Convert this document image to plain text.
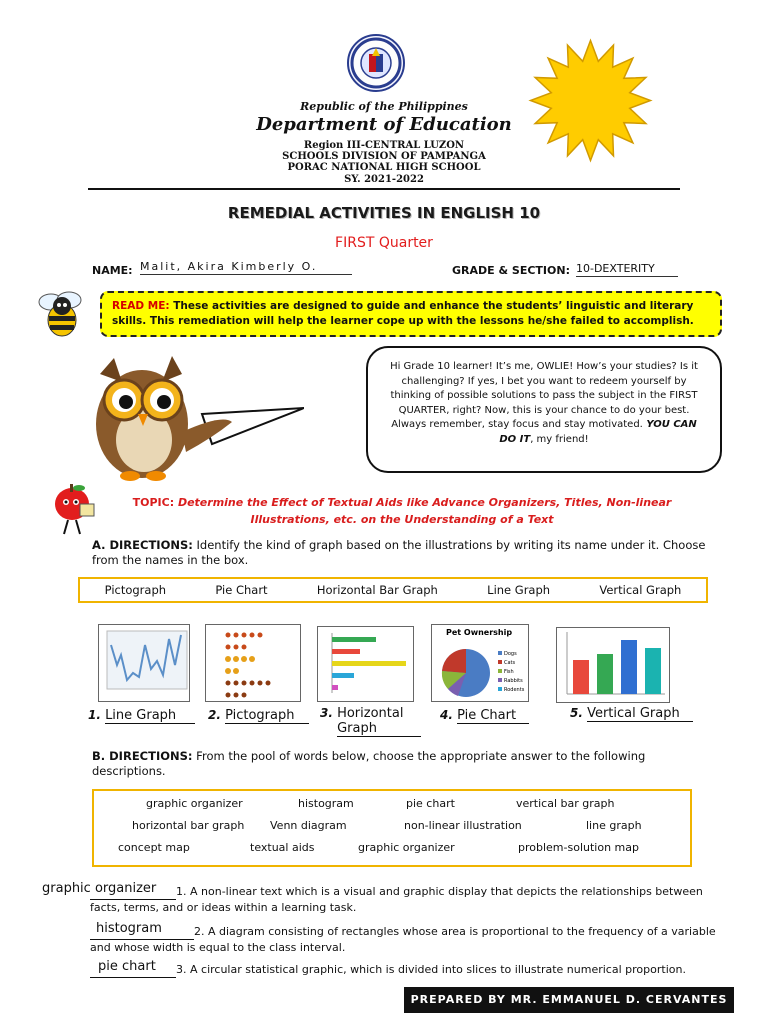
Republic of the Philippines
Department of Education
Region III-CENTRAL LUZON
SCHOOLS DIVISION OF PAMPANGA
PORAC NATIONAL HIGH SCHOOL
SY. 2021-2022
REMEDIAL ACTIVITIES IN ENGLISH 10
FIRST Quarter
NAME: Malit, Akira Kimberly O.	GRADE & SECTION: 10-DEXTERITY
READ ME: These activities are designed to guide and enhance the students’ linguistic and literary skills. This remediation will help the learner cope up with the lessons he/she failed to accomplish.
Hi Grade 10 learner! It’s me, OWLIE! How’s your studies? Is it challenging? If yes, I bet you want to redeem yourself by thinking of possible solutions to pass the subject in the FIRST QUARTER, right? Now, this is your chance to do your best. Always remember, stay focus and stay motivated. YOU CAN DO IT, my friend!
TOPIC: Determine the Effect of Textual Aids like Advance Organizers, Titles, Non-linear Illustrations, etc. on the Understanding of a Text
A. DIRECTIONS: Identify the kind of graph based on the illustrations by writing its name under it. Choose from the names in the box.
Pictograph	Pie Chart	Horizontal Bar Graph	Line Graph	Vertical Graph
Pet Ownership
Dogs
Cats
Fish
Rabbits
Rodents
1. Line Graph	2. Pictograph	3. Horizontal Graph
4. Pie Chart	5. Vertical Graph
B. DIRECTIONS: From the pool of words below, choose the appropriate answer to the following descriptions.
graphic organizer	histogram	pie chart	vertical bar graph
horizontal bar graph Venn diagram	non-linear illustration	line graph
concept map	textual aids	graphic organizer	problem-solution map
graphic organizer 1. A non-linear text which is a visual and graphic display that depicts the relationships between facts, terms, and or ideas within a learning task.
histogram	2. A diagram consisting of rectangles whose area is proportional to the frequency of a variable and whose width is equal to the class interval.
pie chart 3. A circular statistical graphic, which is divided into slices to illustrate numerical proportion.
PREPARED BY MR. EMMANUEL D. CERVANTES
